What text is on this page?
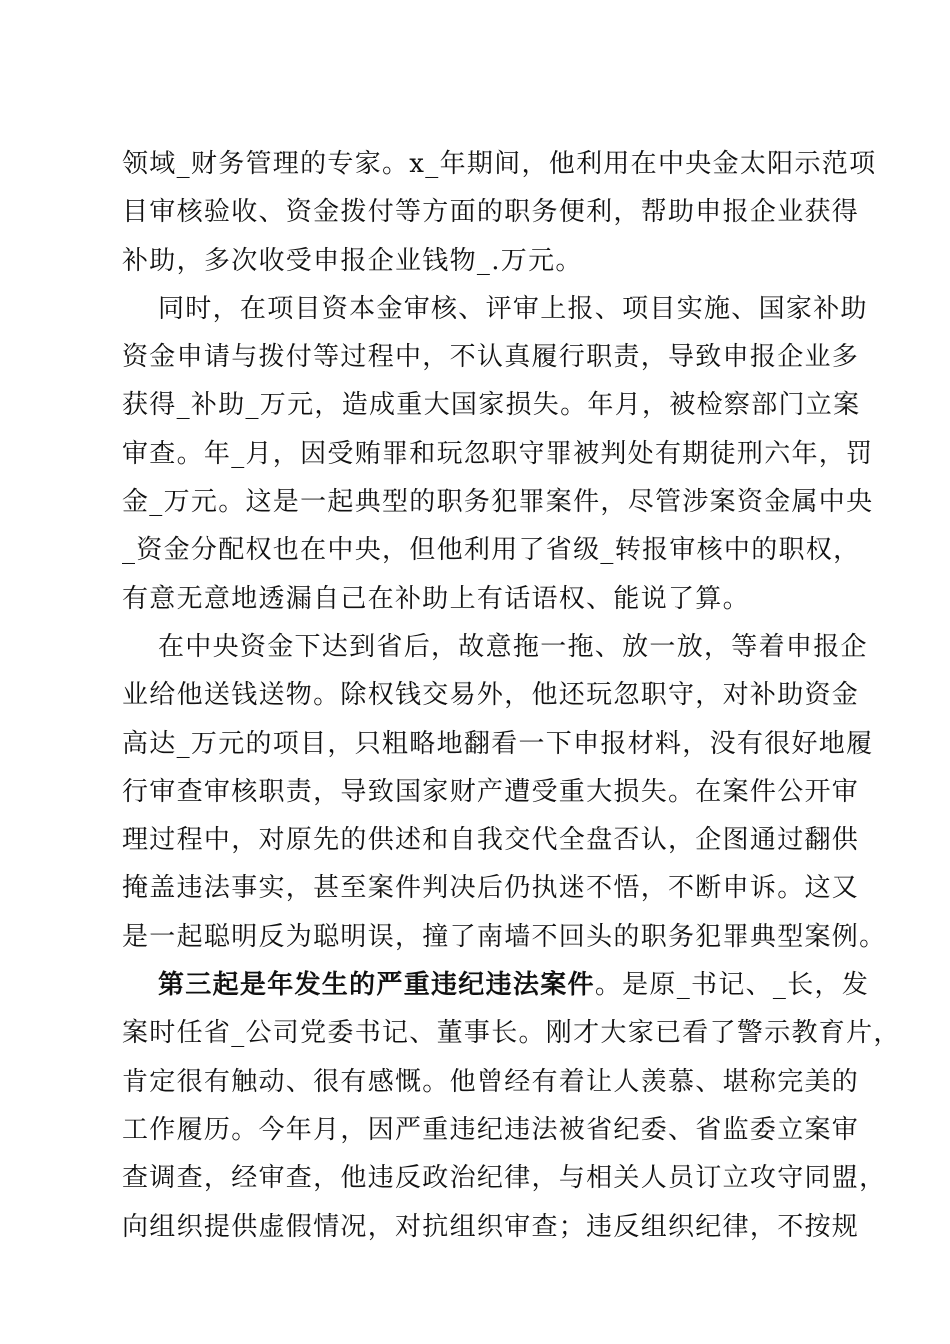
领域_财务管理的专家。x_年期间，他利用在中央金太阳示范项
目审核验收、资金拨付等方面的职务便利，帮助申报企业获得
补助，多次收受申报企业钱物_.万元。
同时，在项目资本金审核、评审上报、项目实施、国家补助
资金申请与拨付等过程中，不认真履行职责，导致申报企业多
获得_补助_万元，造成重大国家损失。年月，被检察部门立案
审查。年_月，因受贿罪和玩忽职守罪被判处有期徒刑六年，罚
金_万元。这是一起典型的职务犯罪案件，尽管涉案资金属中央
_资金分配权也在中央，但他利用了省级_转报审核中的职权，
有意无意地透漏自己在补助上有话语权、能说了算。
在中央资金下达到省后，故意拖一拖、放一放，等着申报企
业给他送钱送物。除权钱交易外，他还玩忽职守，对补助资金
高达_万元的项目，只粗略地翻看一下申报材料，没有很好地履
行审查审核职责，导致国家财产遭受重大损失。在案件公开审
理过程中，对原先的供述和自我交代全盘否认，企图通过翻供
掩盖违法事实，甚至案件判决后仍执迷不悟，不断申诉。这又
是一起聪明反为聪明误，撞了南墙不回头的职务犯罪典型案例。
第三起是年发生的严重违纪违法案件。是原_书记、_长，发
案时任省_公司党委书记、董事长。刚才大家已看了警示教育片，
肯定很有触动、很有感慨。他曾经有着让人羡慕、堪称完美的
工作履历。今年月，因严重违纪违法被省纪委、省监委立案审
查调查，经审查，他违反政治纪律，与相关人员订立攻守同盟，
向组织提供虚假情况，对抗组织审查；违反组织纪律，不按规
